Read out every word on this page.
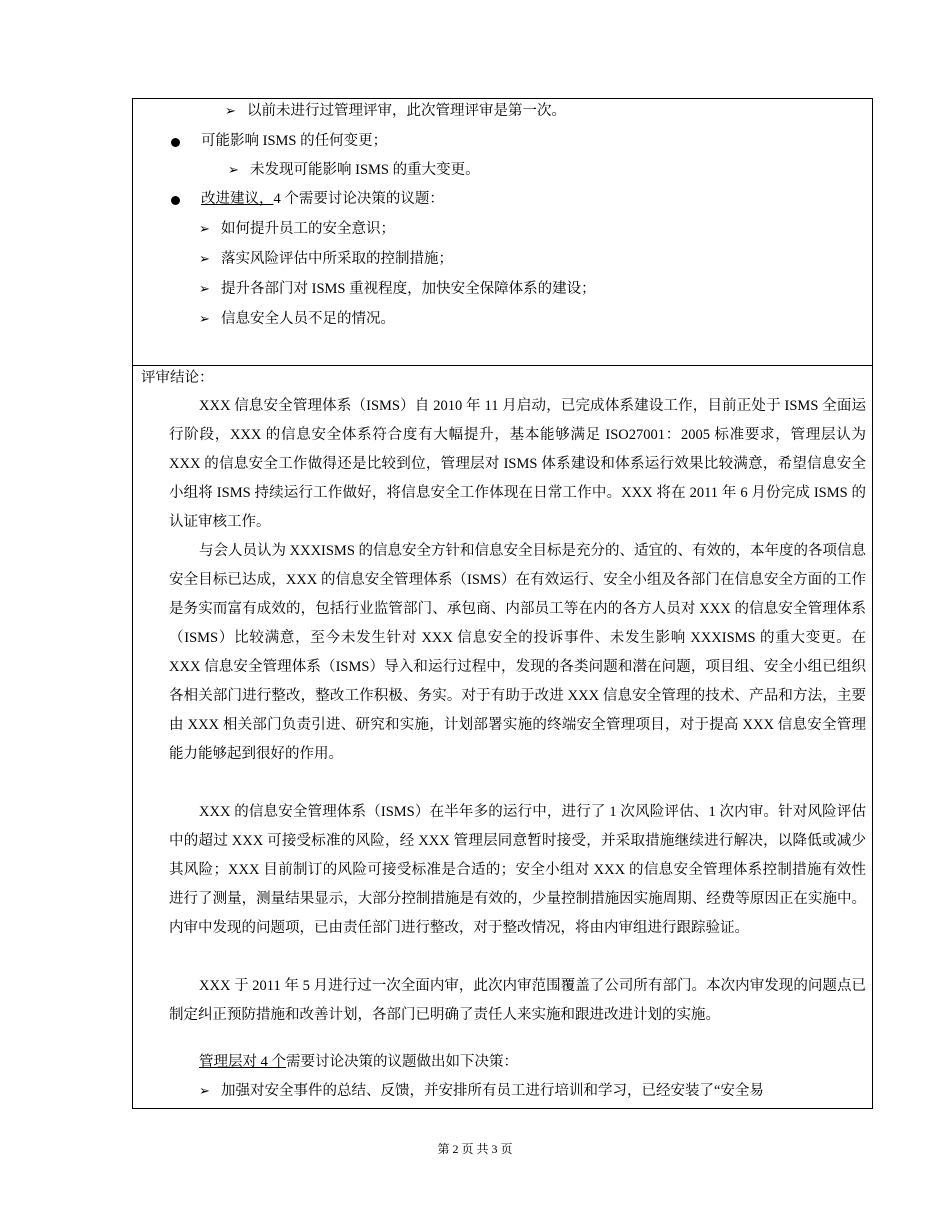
➢ 以前未进行过管理评审，此次管理评审是第一次。
可能影响 ISMS 的任何变更；
➢ 未发现可能影响 ISMS 的重大变更。
改进建议，4 个需要讨论决策的议题：
➢ 如何提升员工的安全意识；
➢ 落实风险评估中所采取的控制措施；
➢ 提升各部门对 ISMS 重视程度，加快安全保障体系的建设；
➢ 信息安全人员不足的情况。
评审结论：

XXX 信息安全管理体系（ISMS）自 2010 年 11 月启动，已完成体系建设工作，目前正处于 ISMS 全面运行阶段，XXX 的信息安全体系符合度有大幅提升，基本能够满足 ISO27001：2005 标准要求，管理层认为 XXX 的信息安全工作做得还是比较到位，管理层对 ISMS 体系建设和体系运行效果比较满意，希望信息安全小组将 ISMS 持续运行工作做好，将信息安全工作体现在日常工作中。XXX 将在 2011 年 6 月份完成 ISMS 的认证审核工作。

与会人员认为 XXXISMS 的信息安全方针和信息安全目标是充分的、适宜的、有效的，本年度的各项信息安全目标已达成，XXX 的信息安全管理体系（ISMS）在有效运行、安全小组及各部门在信息安全方面的工作是务实而富有成效的，包括行业监管部门、承包商、内部员工等在内的各方人员对 XXX 的信息安全管理体系（ISMS）比较满意，至今未发生针对 XXX 信息安全的投诉事件、未发生影响 XXXISMS 的重大变更。在 XXX 信息安全管理体系（ISMS）导入和运行过程中，发现的各类问题和潜在问题，项目组、安全小组已组织各相关部门进行整改，整改工作积极、务实。对于有助于改进 XXX 信息安全管理的技术、产品和方法，主要由 XXX 相关部门负责引进、研究和实施，计划部署实施的终端安全管理项目，对于提高 XXX 信息安全管理能力能够起到很好的作用。

XXX 的信息安全管理体系（ISMS）在半年多的运行中，进行了 1 次风险评估、1 次内审。针对风险评估中的超过 XXX 可接受标准的风险，经 XXX 管理层同意暂时接受，并采取措施继续进行解决，以降低或减少其风险；XXX 目前制订的风险可接受标准是合适的；安全小组对 XXX 的信息安全管理体系控制措施有效性进行了测量，测量结果显示，大部分控制措施是有效的，少量控制措施因实施周期、经费等原因正在实施中。内审中发现的问题项，已由责任部门进行整改，对于整改情况，将由内审组进行跟踪验证。

XXX 于 2011 年 5 月进行过一次全面内审，此次内审范围覆盖了公司所有部门。本次内审发现的问题点已制定纠正预防措施和改善计划，各部门已明确了责任人来实施和跟进改进计划的实施。

管理层对 4 个需要讨论决策的议题做出如下决策：
➢ 加强对安全事件的总结、反馈，并安排所有员工进行培训和学习，已经安装了“安全易
第 2 页 共 3 页
